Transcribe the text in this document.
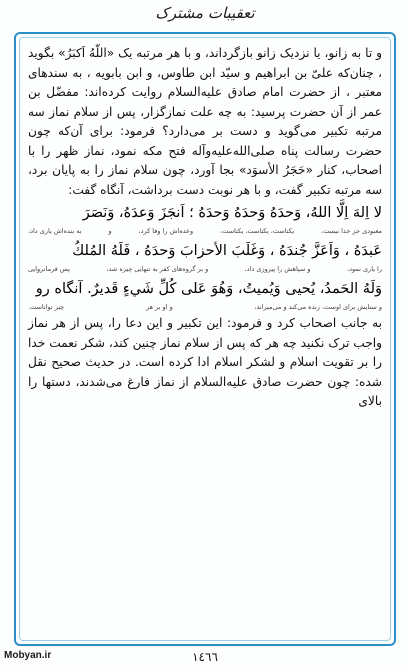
تعقیبات مشترک

و تا به زانو، یا نزدیک زانو بازگرداند، و با هر مرتبه یک «اللّهُ اَکبَرُ» بگوید ، چنان‌که علیّ بن ابراهیم و سیّد ابن طاوس، و ابن بابویه ، به سندهای معتبر ، از حضرت امام صادق علیه‌السلام روایت کرده‌اند: مفضّل بن عمر از آن حضرت پرسید: به چه علت نمازگزار، پس از سلام نماز سه مرتبه تکبیر می‌گوید و دست بر می‌دارد؟ فرمود: برای آن‌که چون حضرت رسالت پناه صلی‌الله‌علیه‌وآله فتح مکه نمود، نماز ظهر را با اصحاب، کنار «حَجَرُ الأسوَد» بجا آورد، چون سلام نماز را به پایان برد، سه مرتبه تکبیر گفت، و با هر نوبت دست برداشت، آنگاه گفت:

لا اِلهَ اِلَّا اللهُ، وَحدَهُ وَحدَهُ وَحدَهُ ؛ اَنجَزَ وَعدَهُ، وَنَصَرَ

معبودی جز خدا نیست،
یکتاست، یکتاست، یکتاست،
وعده‌اش را وفا کرد،
و
به بنده‌اش یاری داد،

عَبدَهُ ، وَاَعَزَّ جُندَهُ ، وَغَلَبَ الأحزابَ وَحدَهُ ، فَلَهُ المُلكُ

را یاری نمود،
و سپاهش را پیروزی داد،
و بر گروه‌های کفر به تنهایی چیره شد،
پس فرمانروایی

وَلَهُ الحَمدُ، يُحيى وَيُميتُ، وَهُوَ عَلى كُلِّ شَيءٍ قَديرٌ. آنگاه رو

و ستایش برای اوست، زنده می‌کند و می‌میراند،
و او بر هر
چیز تواناست.

به جانب اصحاب کرد و فرمود: این تکبیر و این دعا را، پس از هر نماز واجب ترک نکنید چه هر که پس از سلام نماز چنین کند، شکر نعمت خدا را بر تقویت اسلام و لشکر اسلام ادا کرده است. در حدیث صحیح نقل شده: چون حضرت صادق علیه‌السلام از نماز فارغ می‌شدند، دستها را بالای

Mobyan.ir	١٤٦٦
